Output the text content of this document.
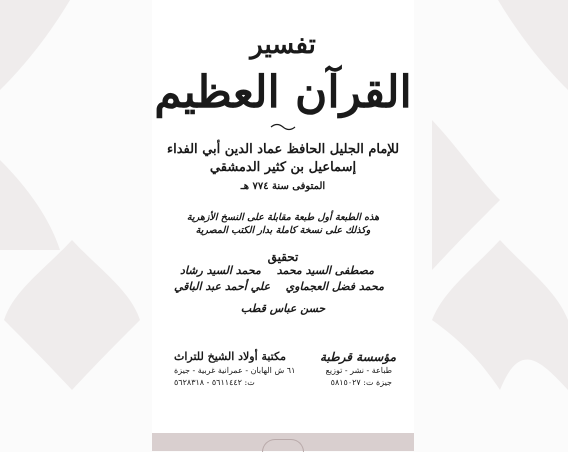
تفسير
القرآن العظيم
للإمام الجليل الحافظ عماد الدين أبي الفداء
إسماعيل بن كثير الدمشقي
المتوفى سنة ٧٧٤ هـ
هذه الطبعة أول طبعة مقابلة على النسخ الأزهرية
وكذلك على نسخة كاملة بدار الكتب المصرية
تحقيق
مصطفى السيد محمد
محمد السيد رشاد
محمد فضل العجماوي
علي أحمد عبد الباقي
حسن عباس قطب
مؤسسة قرطبة
طباعة - نشر - توزيع
جيزة ت: ٥٨١٥٠٢٧
مكتبة أولاد الشيخ للتراث
٦١ ش الهابان - عمرانية غربية - جيزة
ت: ٥٦١١٤٤٢ - ٥٦٢٨٣١٨
